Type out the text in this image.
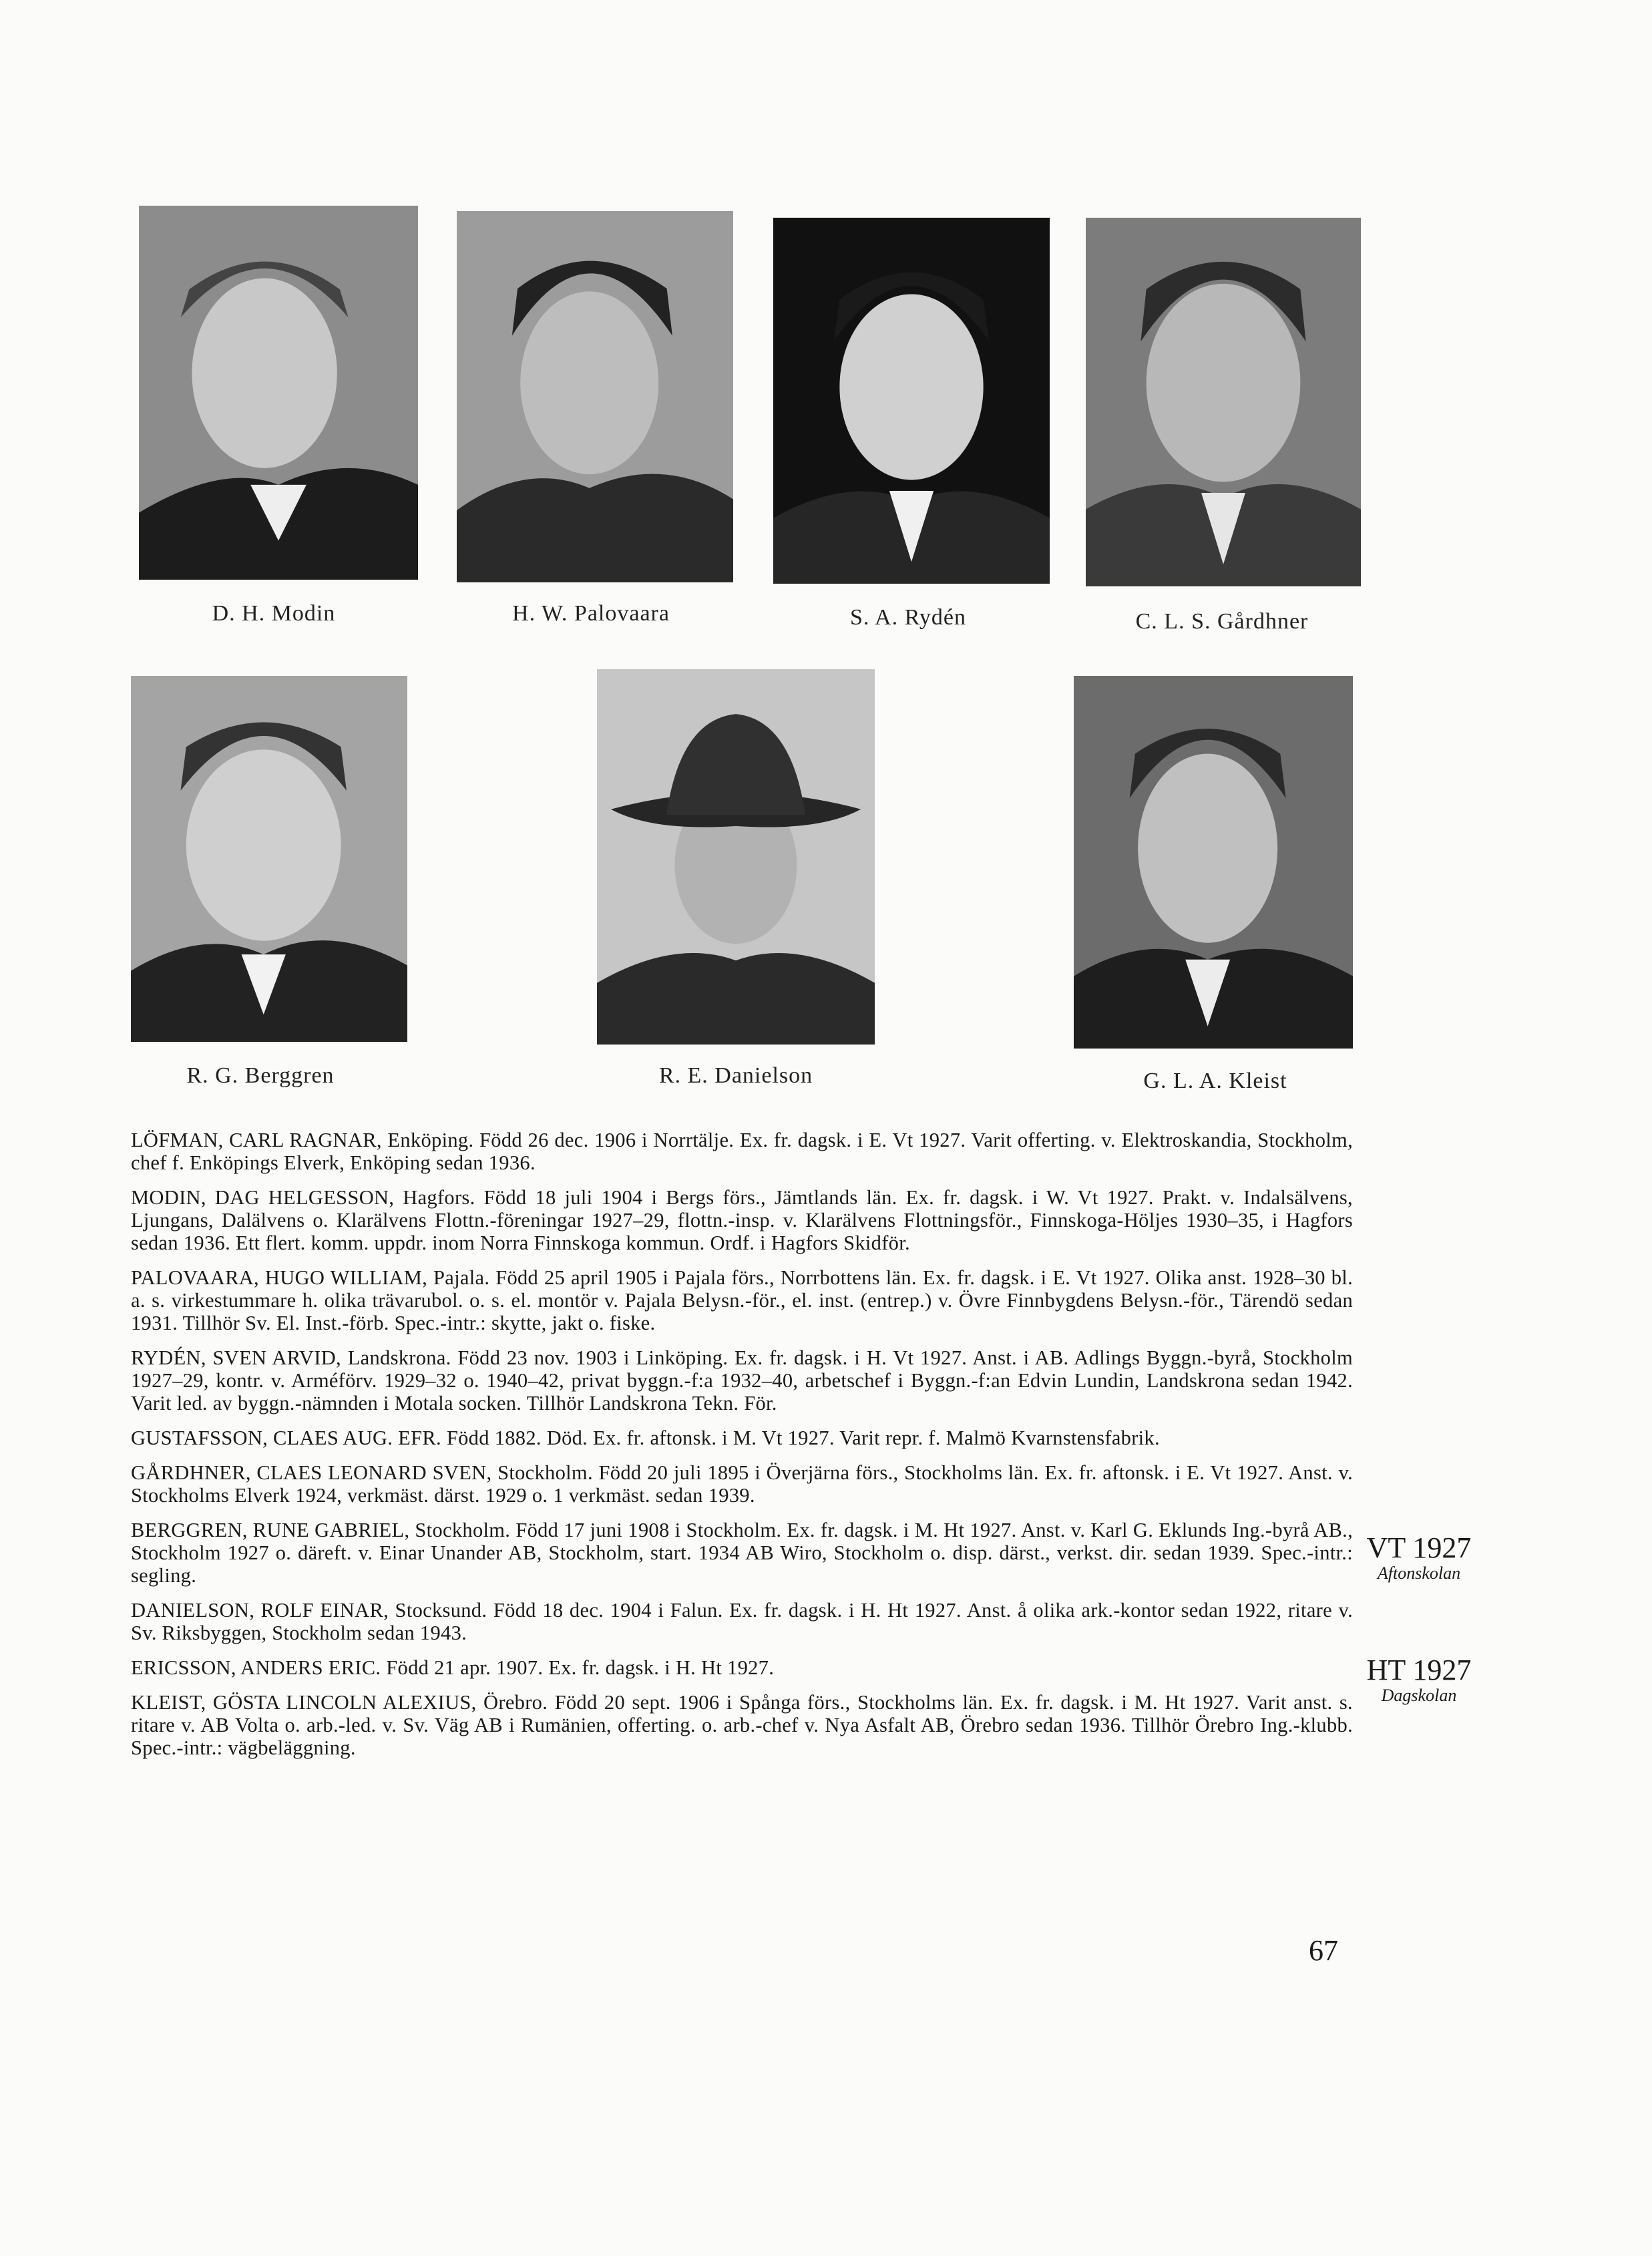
D. H. Modin	H. W. Palovaara	S. A. Rydén	C. L. S. Gårdhner
R. G. Berggren	R. E. Danielson	G. L. A. Kleist

LÖFMAN, CARL RAGNAR, Enköping. Född 26 dec. 1906 i Norrtälje. Ex. fr. dagsk. i E. Vt 1927. Varit offerting. v. Elektroskandia, Stockholm, chef f. Enköpings Elverk, Enköping sedan 1936.

MODIN, DAG HELGESSON, Hagfors. Född 18 juli 1904 i Bergs förs., Jämtlands län. Ex. fr. dagsk. i W. Vt 1927. Prakt. v. Indalsälvens, Ljungans, Dalälvens o. Klarälvens Flottn.-föreningar 1927–29, flottn.-insp. v. Klarälvens Flottningsför., Finnskoga-Höljes 1930–35, i Hagfors sedan 1936. Ett flert. komm. uppdr. inom Norra Finnskoga kommun. Ordf. i Hagfors Skidför.

PALOVAARA, HUGO WILLIAM, Pajala. Född 25 april 1905 i Pajala förs., Norrbottens län. Ex. fr. dagsk. i E. Vt 1927. Olika anst. 1928–30 bl. a. s. virkestummare h. olika trävarubol. o. s. el. montör v. Pajala Belysn.-för., el. inst. (entrep.) v. Övre Finnbygdens Belysn.-för., Tärendö sedan 1931. Tillhör Sv. El. Inst.-förb. Spec.-intr.: skytte, jakt o. fiske.

RYDÉN, SVEN ARVID, Landskrona. Född 23 nov. 1903 i Linköping. Ex. fr. dagsk. i H. Vt 1927. Anst. i AB. Adlings Byggn.-byrå, Stockholm 1927–29, kontr. v. Arméförv. 1929–32 o. 1940–42, privat byggn.-f:a 1932–40, arbetschef i Byggn.-f:an Edvin Lundin, Landskrona sedan 1942. Varit led. av byggn.-nämnden i Motala socken. Tillhör Landskrona Tekn. För.

GUSTAFSSON, CLAES AUG. EFR. Född 1882. Död. Ex. fr. aftonsk. i M. Vt 1927. Varit repr. f. Malmö Kvarnstensfabrik.

GÅRDHNER, CLAES LEONARD SVEN, Stockholm. Född 20 juli 1895 i Överjärna förs., Stockholms län. Ex. fr. aftonsk. i E. Vt 1927. Anst. v. Stockholms Elverk 1924, verkmäst. därst. 1929 o. 1 verkmäst. sedan 1939.

BERGGREN, RUNE GABRIEL, Stockholm. Född 17 juni 1908 i Stockholm. Ex. fr. dagsk. i M. Ht 1927. Anst. v. Karl G. Eklunds Ing.-byrå AB., Stockholm 1927 o. däreft. v. Einar Unander AB, Stockholm, start. 1934 AB Wiro, Stockholm o. disp. därst., verkst. dir. sedan 1939. Spec.-intr.: segling.

DANIELSON, ROLF EINAR, Stocksund. Född 18 dec. 1904 i Falun. Ex. fr. dagsk. i H. Ht 1927. Anst. å olika ark.-kontor sedan 1922, ritare v. Sv. Riksbyggen, Stockholm sedan 1943.

ERICSSON, ANDERS ERIC. Född 21 apr. 1907. Ex. fr. dagsk. i H. Ht 1927.

KLEIST, GÖSTA LINCOLN ALEXIUS, Örebro. Född 20 sept. 1906 i Spånga förs., Stockholms län. Ex. fr. dagsk. i M. Ht 1927. Varit anst. s. ritare v. AB Volta o. arb.-led. v. Sv. Väg AB i Rumänien, offerting. o. arb.-chef v. Nya Asfalt AB, Örebro sedan 1936. Tillhör Örebro Ing.-klubb. Spec.-intr.: vägbeläggning.

VT 1927
Aftonskolan
HT 1927
Dagskolan
67
